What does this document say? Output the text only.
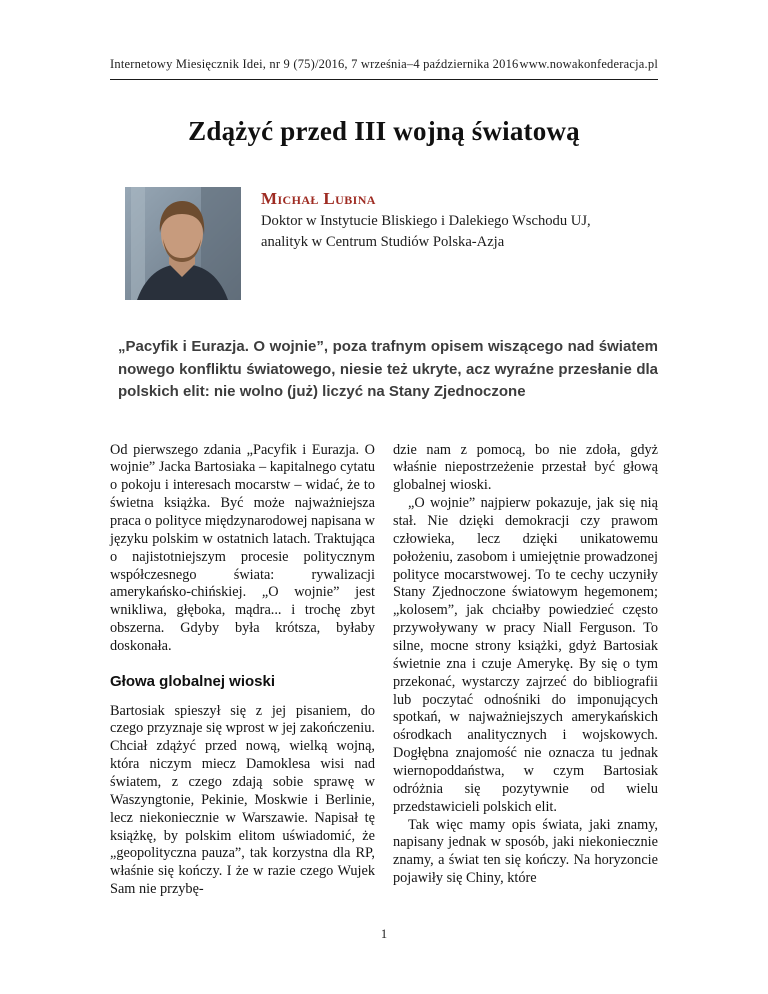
Internetowy Miesięcznik Idei, nr 9 (75)/2016, 7 września–4 października 2016 www.nowakonfederacja.pl
Zdążyć przed III wojną światową
Michał Lubina
Doktor w Instytucie Bliskiego i Dalekiego Wschodu UJ,
analityk w Centrum Studiów Polska-Azja

„Pacyfik i Eurazja. O wojnie”, poza trafnym opisem wiszącego nad światem nowego konfliktu światowego, niesie też ukryte, acz wyraźne przesłanie dla polskich elit: nie wolno (już) liczyć na Stany Zjednoczone

Od pierwszego zdania „Pacyfik i Eurazja. O wojnie” Jacka Bartosiaka – kapitalnego cytatu o pokoju i interesach mocarstw – widać, że to świetna książka. Być może najważniejsza praca o polityce międzynarodowej napisana w języku polskim w ostatnich latach. Traktująca o najistotniejszym procesie politycznym współczesnego świata: rywalizacji amerykańsko-chińskiej. „O wojnie” jest wnikliwa, głęboka, mądra... i trochę zbyt obszerna. Gdyby była krótsza, byłaby doskonała.

Głowa globalnej wioski

Bartosiak spieszył się z jej pisaniem, do czego przyznaje się wprost w jej zakończeniu. Chciał zdążyć przed nową, wielką wojną, która niczym miecz Damoklesa wisi nad światem, z czego zdają sobie sprawę w Waszyngtonie, Pekinie, Moskwie i Berlinie, lecz niekoniecznie w Warszawie. Napisał tę książkę, by polskim elitom uświadomić, że „geopolityczna pauza”, tak korzystna dla RP, właśnie się kończy. I że w razie czego Wujek Sam nie przybę-

dzie nam z pomocą, bo nie zdoła, gdyż właśnie niepostrzeżenie przestał być głową globalnej wioski.

„O wojnie” najpierw pokazuje, jak się nią stał. Nie dzięki demokracji czy prawom człowieka, lecz dzięki unikatowemu położeniu, zasobom i umiejętnie prowadzonej polityce mocarstwowej. To te cechy uczyniły Stany Zjednoczone światowym hegemonem; „kolosem”, jak chciałby powiedzieć często przywoływany w pracy Niall Ferguson. To silne, mocne strony książki, gdyż Bartosiak świetnie zna i czuje Amerykę. By się o tym przekonać, wystarczy zajrzeć do bibliografii lub poczytać odnośniki do imponujących spotkań, w najważniejszych amerykańskich ośrodkach analitycznych i wojskowych. Dogłębna znajomość nie oznacza tu jednak wiernopoddaństwa, w czym Bartosiak odróżnia się pozytywnie od wielu przedstawicieli polskich elit.

Tak więc mamy opis świata, jaki znamy, napisany jednak w sposób, jaki niekoniecznie znamy, a świat ten się kończy. Na horyzoncie pojawiły się Chiny, które

1
